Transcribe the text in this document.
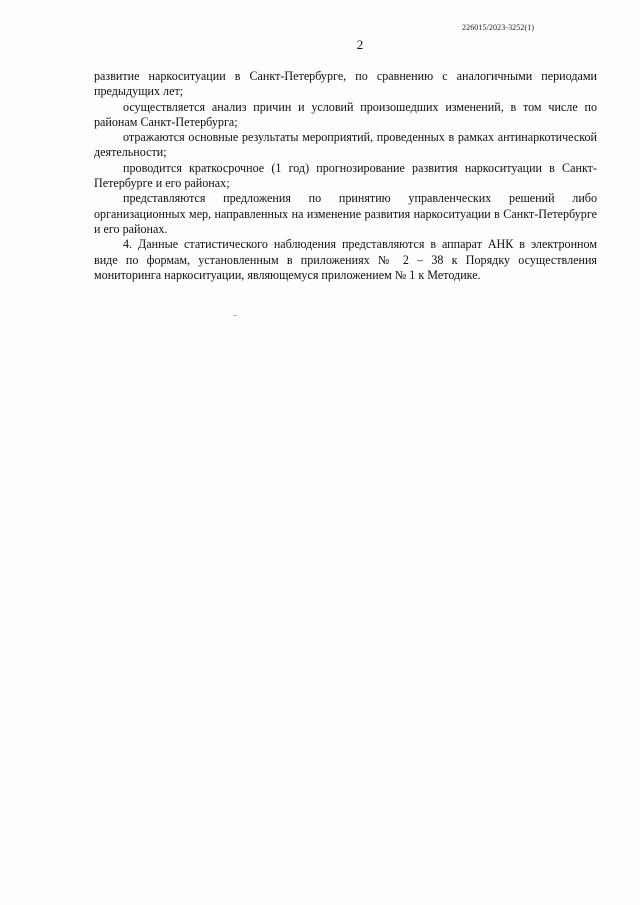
226015/2023-3252(1)
2

развитие наркоситуации в Санкт-Петербурге, по сравнению с аналогичными периодами предыдущих лет;

осуществляется анализ причин и условий произошедших изменений, в том числе по районам Санкт-Петербурга;

отражаются основные результаты мероприятий, проведенных в рамках антинаркотической деятельности;

проводится краткосрочное (1 год) прогнозирование развития наркоситуации в Санкт-Петербурге и его районах;

представляются предложения по принятию управленческих решений либо организационных мер, направленных на изменение развития наркоситуации в Санкт-Петербурге и его районах.

4. Данные статистического наблюдения представляются в аппарат АНК в электронном виде по формам, установленным в приложениях № 2 – 38 к Порядку осуществления мониторинга наркоситуации, являющемуся приложением № 1 к Методике.
